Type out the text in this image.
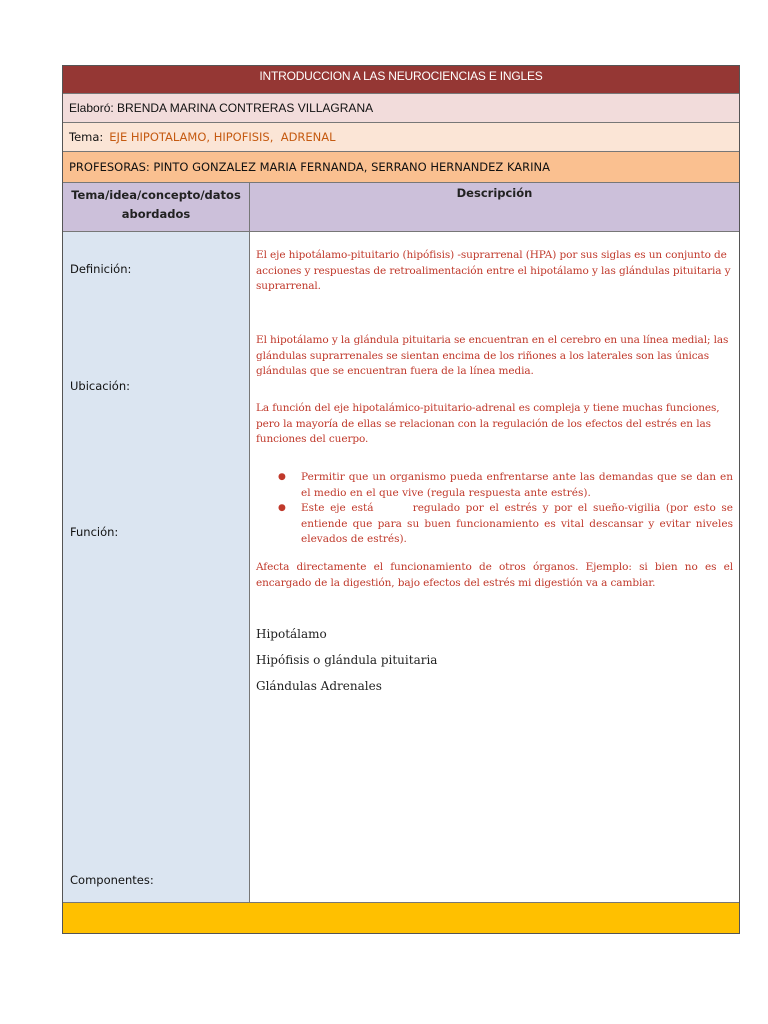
INTRODUCCION A LAS NEUROCIENCIAS E INGLES
Elaboró:
BRENDA MARINA CONTRERAS VILLAGRANA
Tema: EJE HIPOTALAMO, HIPOFISIS,  ADRENAL
PROFESORAS: PINTO GONZALEZ MARIA FERNANDA, SERRANO HERNANDEZ KARINA
Tema/idea/concepto/datos abordados
Descripción
Definición:
Ubicación:
Función:
Componentes:
El eje hipotálamo-pituitario (hipófisis) -suprarrenal (HPA) por sus siglas es un conjunto de acciones y respuestas de retroalimentación entre el hipotálamo y las glándulas pituitaria y suprarrenal.
El hipotálamo y la glándula pituitaria se encuentran en el cerebro en una línea medial; las glándulas suprarrenales se sientan encima de los riñones a los laterales son las únicas glándulas que se encuentran fuera de la línea media.
La función del eje hipotalámico-pituitario-adrenal es compleja y tiene muchas funciones, pero la mayoría de ellas se relacionan con la regulación de los efectos del estrés en las funciones del cuerpo.
● Permitir que un organismo pueda enfrentarse ante las demandas que se dan en el medio en el que vive (regula respuesta ante estrés).
● Este eje está       regulado por el estrés y por el sueño-vigilia (por esto se entiende que para su buen funcionamiento es vital descansar y evitar niveles elevados de estrés).
Afecta directamente el funcionamiento de otros órganos. Ejemplo: si bien no es el encargado de la digestión, bajo efectos del estrés mi digestión va a cambiar.
Hipotálamo
Hipófisis o glándula pituitaria
Glándulas Adrenales
